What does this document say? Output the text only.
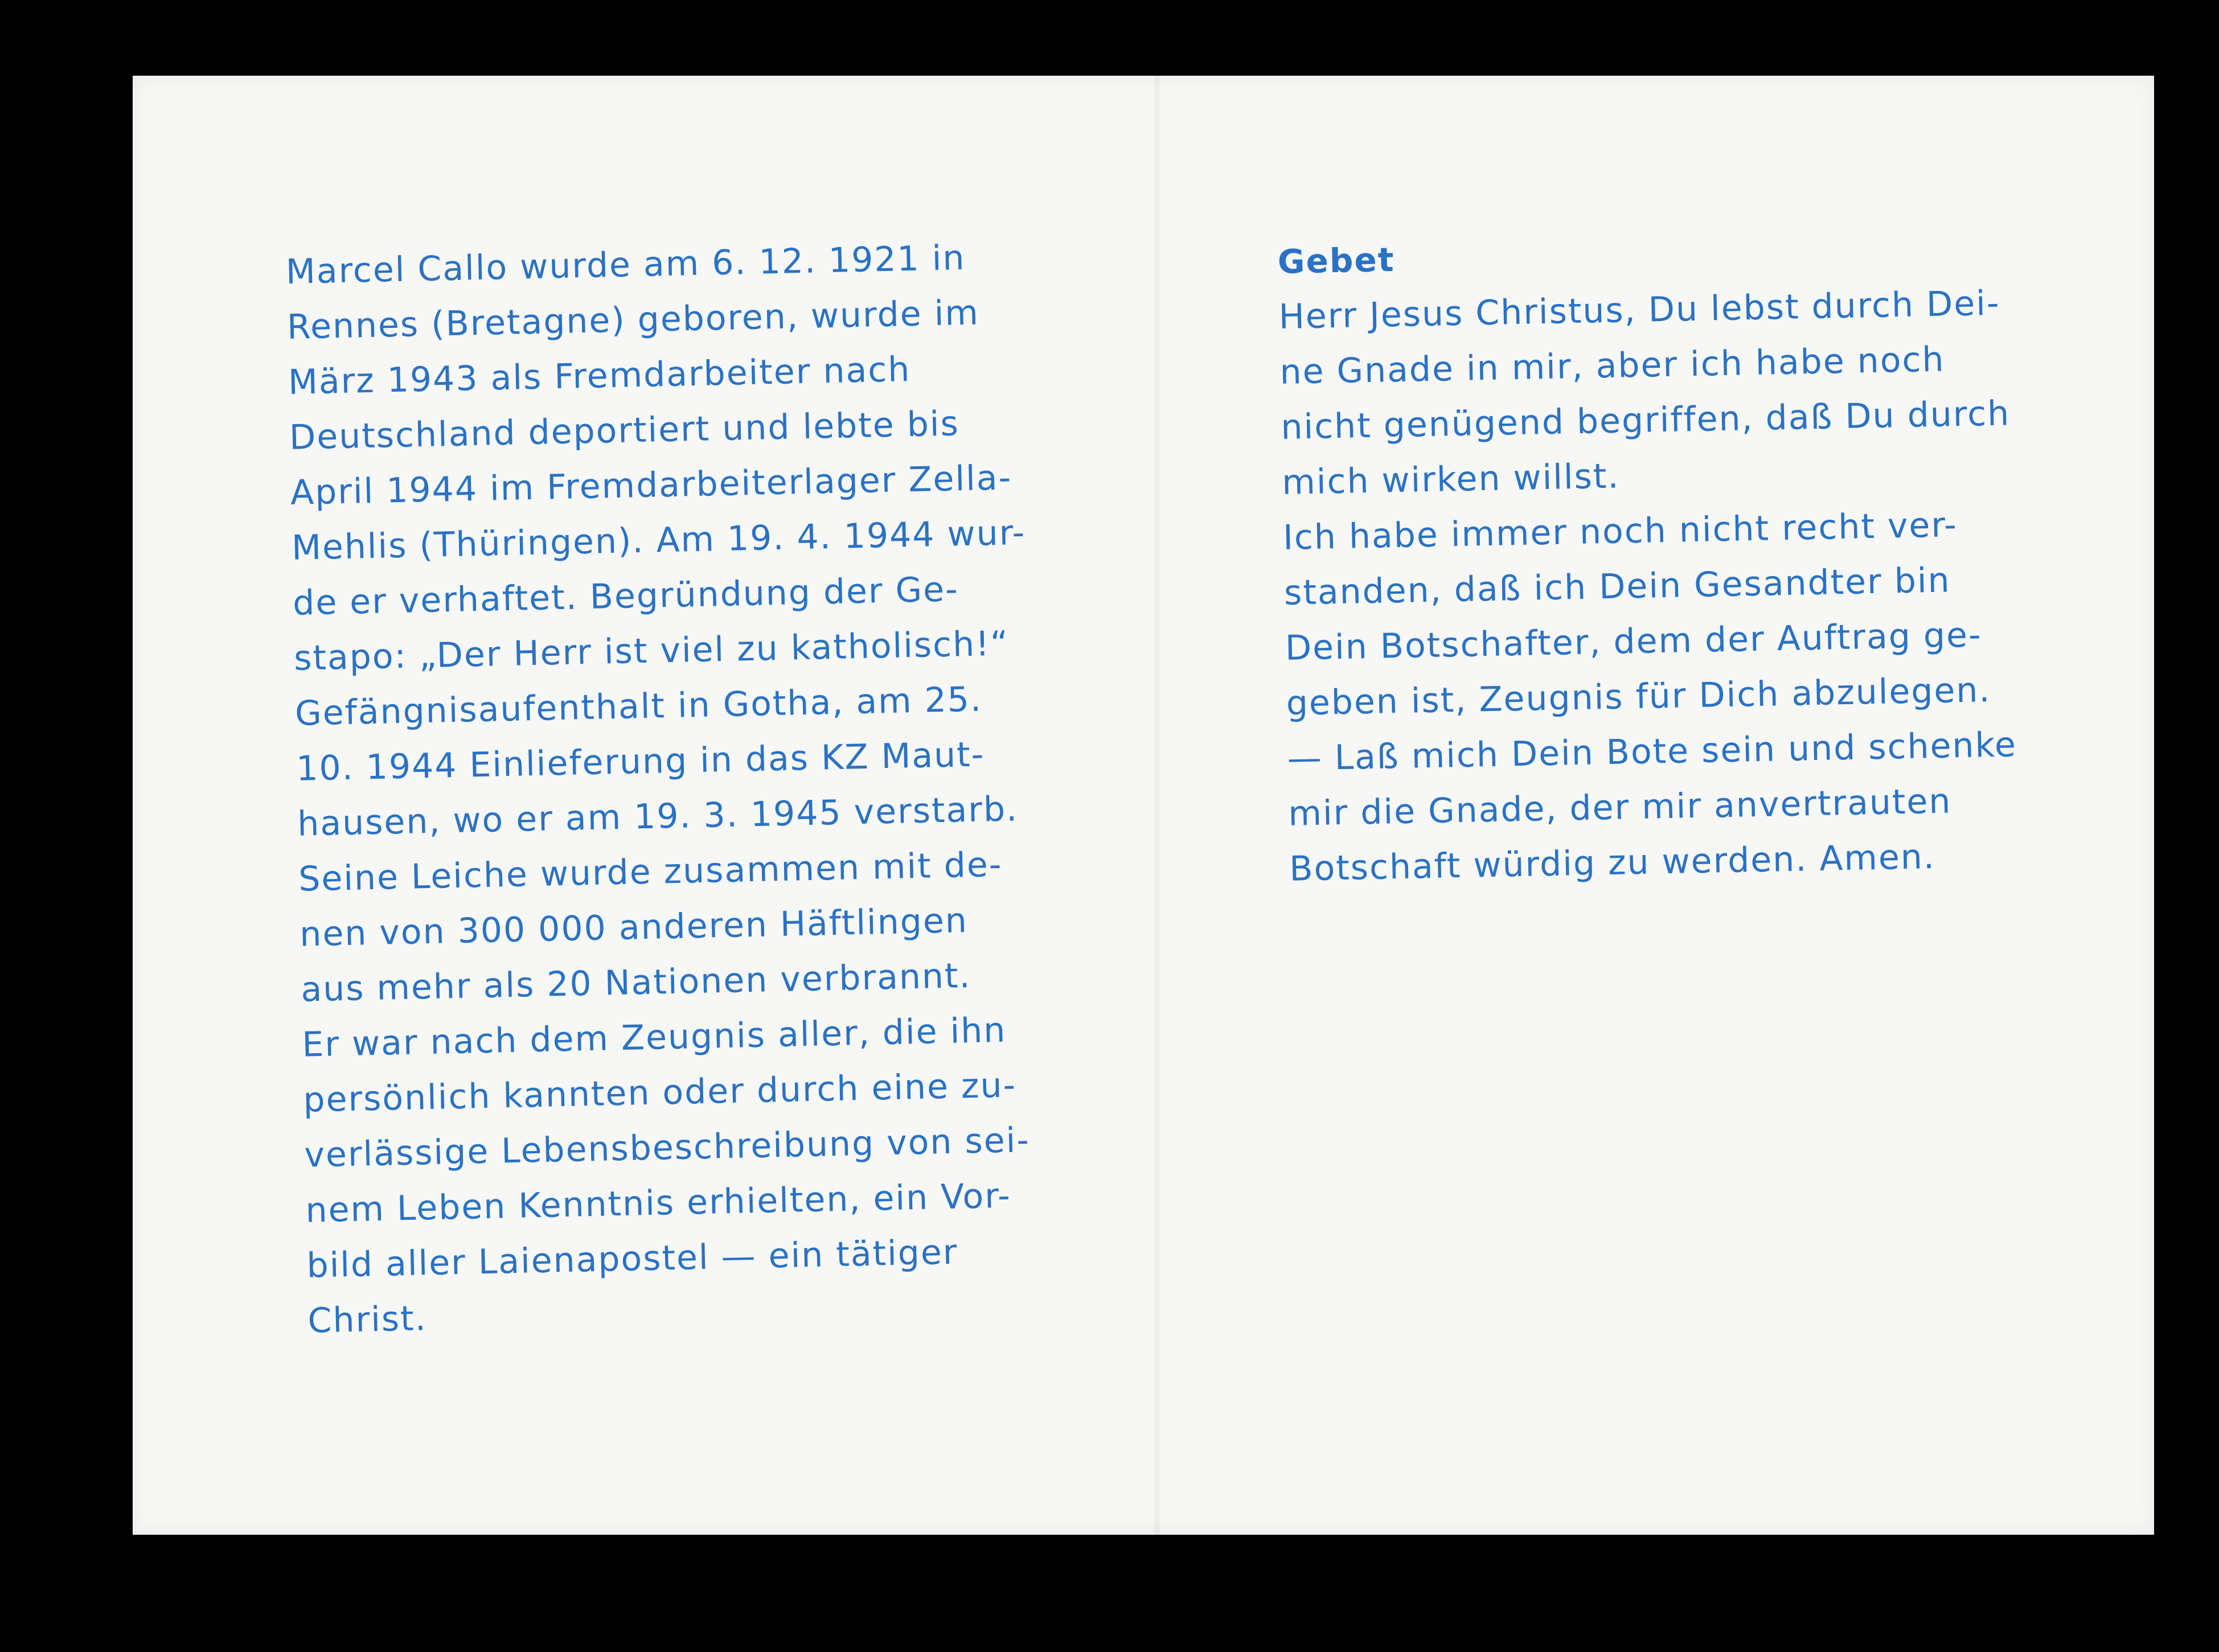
Marcel Callo wurde am 6. 12. 1921 in
Rennes (Bretagne) geboren, wurde im
März 1943 als Fremdarbeiter nach
Deutschland deportiert und lebte bis
April 1944 im Fremdarbeiterlager Zella-
Mehlis (Thüringen). Am 19. 4. 1944 wur-
de er verhaftet. Begründung der Ge-
stapo: „Der Herr ist viel zu katholisch!“
Gefängnisaufenthalt in Gotha, am 25.
10. 1944 Einlieferung in das KZ Maut-
hausen, wo er am 19. 3. 1945 verstarb.
Seine Leiche wurde zusammen mit de-
nen von 300 000 anderen Häftlingen
aus mehr als 20 Nationen verbrannt.

Er war nach dem Zeugnis aller, die ihn
persönlich kannten oder durch eine zu-
verlässige Lebensbeschreibung von sei-
nem Leben Kenntnis erhielten, ein Vor-
bild aller Laienapostel — ein tätiger
Christ.

Gebet

Herr Jesus Christus, Du lebst durch Dei-
ne Gnade in mir, aber ich habe noch
nicht genügend begriffen, daß Du durch
mich wirken willst.

Ich habe immer noch nicht recht ver-
standen, daß ich Dein Gesandter bin
Dein Botschafter, dem der Auftrag ge-
geben ist, Zeugnis für Dich abzulegen.
— Laß mich Dein Bote sein und schenke
mir die Gnade, der mir anvertrauten
Botschaft würdig zu werden. Amen.
